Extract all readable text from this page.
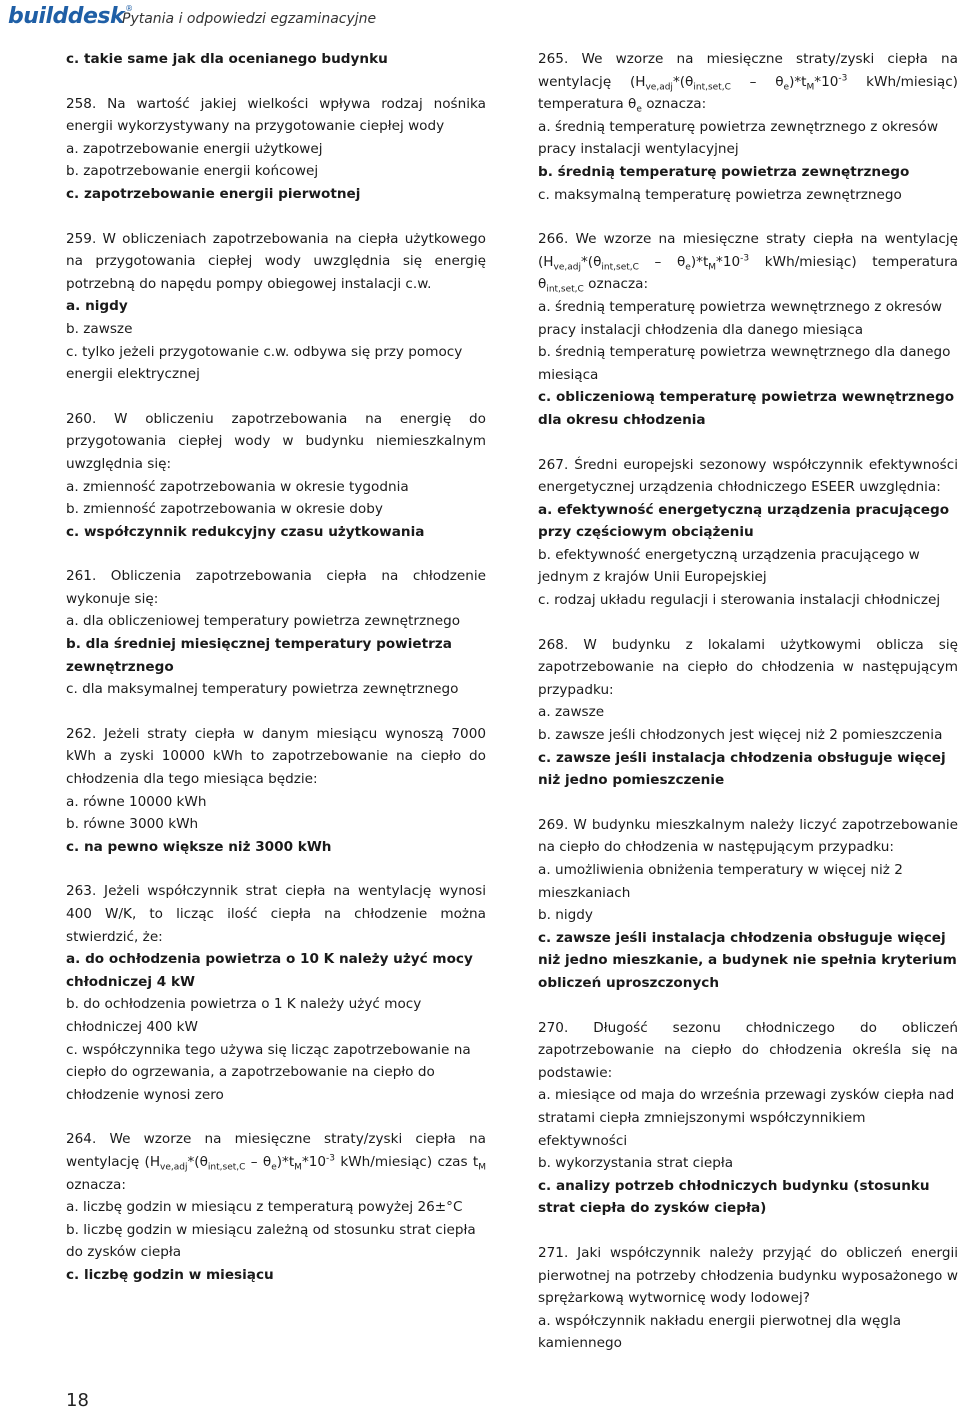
build desk ®
Pytania i odpowiedzi egzaminacyjne

c. takie same jak dla ocenianego budynku

258. Na wartość jakiej wielkości wpływa rodzaj nośnika energii wykorzystywany na przygotowanie ciepłej wody

a. zapotrzebowanie energii użytkowej

b. zapotrzebowanie energii końcowej

c. zapotrzebowanie energii pierwotnej

259. W obliczeniach zapotrzebowania na ciepła użytkowego na przygotowania ciepłej wody uwzględnia się energię potrzebną do napędu pompy obiegowej instalacji c.w.

a. nigdy

b. zawsze

c. tylko jeżeli przygotowanie c.w. odbywa się przy pomocy energii elektrycznej

260. W obliczeniu zapotrzebowania na energię do przygotowania ciepłej wody w budynku niemieszkalnym uwzględnia się:

a. zmienność zapotrzebowania w okresie tygodnia

b. zmienność zapotrzebowania w okresie doby

c. współczynnik redukcyjny czasu użytkowania

261. Obliczenia zapotrzebowania ciepła na chłodzenie wykonuje się:

a. dla obliczeniowej temperatury powietrza zewnętrznego

b. dla średniej miesięcznej temperatury powietrza zewnętrznego

c. dla maksymalnej temperatury powietrza zewnętrznego

262. Jeżeli straty ciepła w danym miesiącu wynoszą 7000 kWh a zyski 10000 kWh to zapotrzebowanie na ciepło do chłodzenia dla tego miesiąca będzie:

a. równe 10000 kWh

b. równe 3000 kWh

c. na pewno większe niż 3000 kWh

263. Jeżeli współczynnik strat ciepła na wentylację wynosi 400 W/K, to licząc ilość ciepła na chłodzenie można stwierdzić, że:

a. do ochłodzenia powietrza o 10 K należy użyć mocy chłodniczej 4 kW

b. do ochłodzenia powietrza o 1 K należy użyć mocy chłodniczej 400 kW

c. współczynnika tego używa się licząc zapotrzebowanie na ciepło do ogrzewania, a zapotrzebowanie na ciepło do chłodzenie wynosi zero

264. We wzorze na miesięczne straty/zyski ciepła na wentylację ($H_{ve,adj}*(\theta_{int,set,C} - \theta_e)*t_M*10^{-3}$ kWh/miesiąc) czas $t_M$ oznacza:

a. liczbę godzin w miesiącu z temperaturą powyżej 26±°C

b. liczbę godzin w miesiącu zależną od stosunku strat ciepła do zysków ciepła

c. liczbę godzin w miesiącu

265. We wzorze na miesięczne straty/zyski ciepła na wentylację ($H_{ve,adj}*(\theta_{int,set,C} - \theta_e)*t_M*10^{-3}$ kWh/miesiąc) temperatura $\theta_e$ oznacza:

a. średnią temperaturę powietrza zewnętrznego z okresów pracy instalacji wentylacyjnej

b. średnią temperaturę powietrza zewnętrznego

c. maksymalną temperaturę powietrza zewnętrznego

266. We wzorze na miesięczne straty ciepła na wentylację ($H_{ve,adj}*(\theta_{int,set,C} - \theta_e)*t_M*10^{-3}$ kWh/miesiąc) temperatura $\theta_{int,set,C}$ oznacza:

a. średnią temperaturę powietrza wewnętrznego z okresów pracy instalacji chłodzenia dla danego miesiąca

b. średnią temperaturę powietrza wewnętrznego dla danego miesiąca

c. obliczeniową temperaturę powietrza wewnętrznego dla okresu chłodzenia

267. Średni europejski sezonowy współczynnik efektywności energetycznej urządzenia chłodniczego ESEER uwzględnia:

a. efektywność energetyczną urządzenia pracującego przy częściowym obciążeniu

b. efektywność energetyczną urządzenia pracującego w jednym z krajów Unii Europejskiej

c. rodzaj układu regulacji i sterowania instalacji chłodniczej

268. W budynku z lokalami użytkowymi oblicza się zapotrzebowanie na ciepło do chłodzenia w następującym przypadku:

a. zawsze

b. zawsze jeśli chłodzonych jest więcej niż 2 pomieszczenia

c. zawsze jeśli instalacja chłodzenia obsługuje więcej niż jedno pomieszczenie

269. W budynku mieszkalnym należy liczyć zapotrzebowanie na ciepło do chłodzenia w następującym przypadku:

a. umożliwienia obniżenia temperatury w więcej niż 2 mieszkaniach

b. nigdy

c. zawsze jeśli instalacja chłodzenia obsługuje więcej niż jedno mieszkanie, a budynek nie spełnia kryterium obliczeń uproszczonych

270. Długość sezonu chłodniczego do obliczeń zapotrzebowanie na ciepło do chłodzenia określa się na podstawie:

a. miesiące od maja do września przewagi zysków ciepła nad stratami ciepła zmniejszonymi współczynnikiem efektywności

b. wykorzystania strat ciepła

c. analizy potrzeb chłodniczych budynku (stosunku strat ciepła do zysków ciepła)

271. Jaki współczynnik należy przyjąć do obliczeń energii pierwotnej na potrzeby chłodzenia budynku wyposażonego w sprężarkową wytwornicę wody lodowej?

a. współczynnik nakładu energii pierwotnej dla węgla kamiennego

18
